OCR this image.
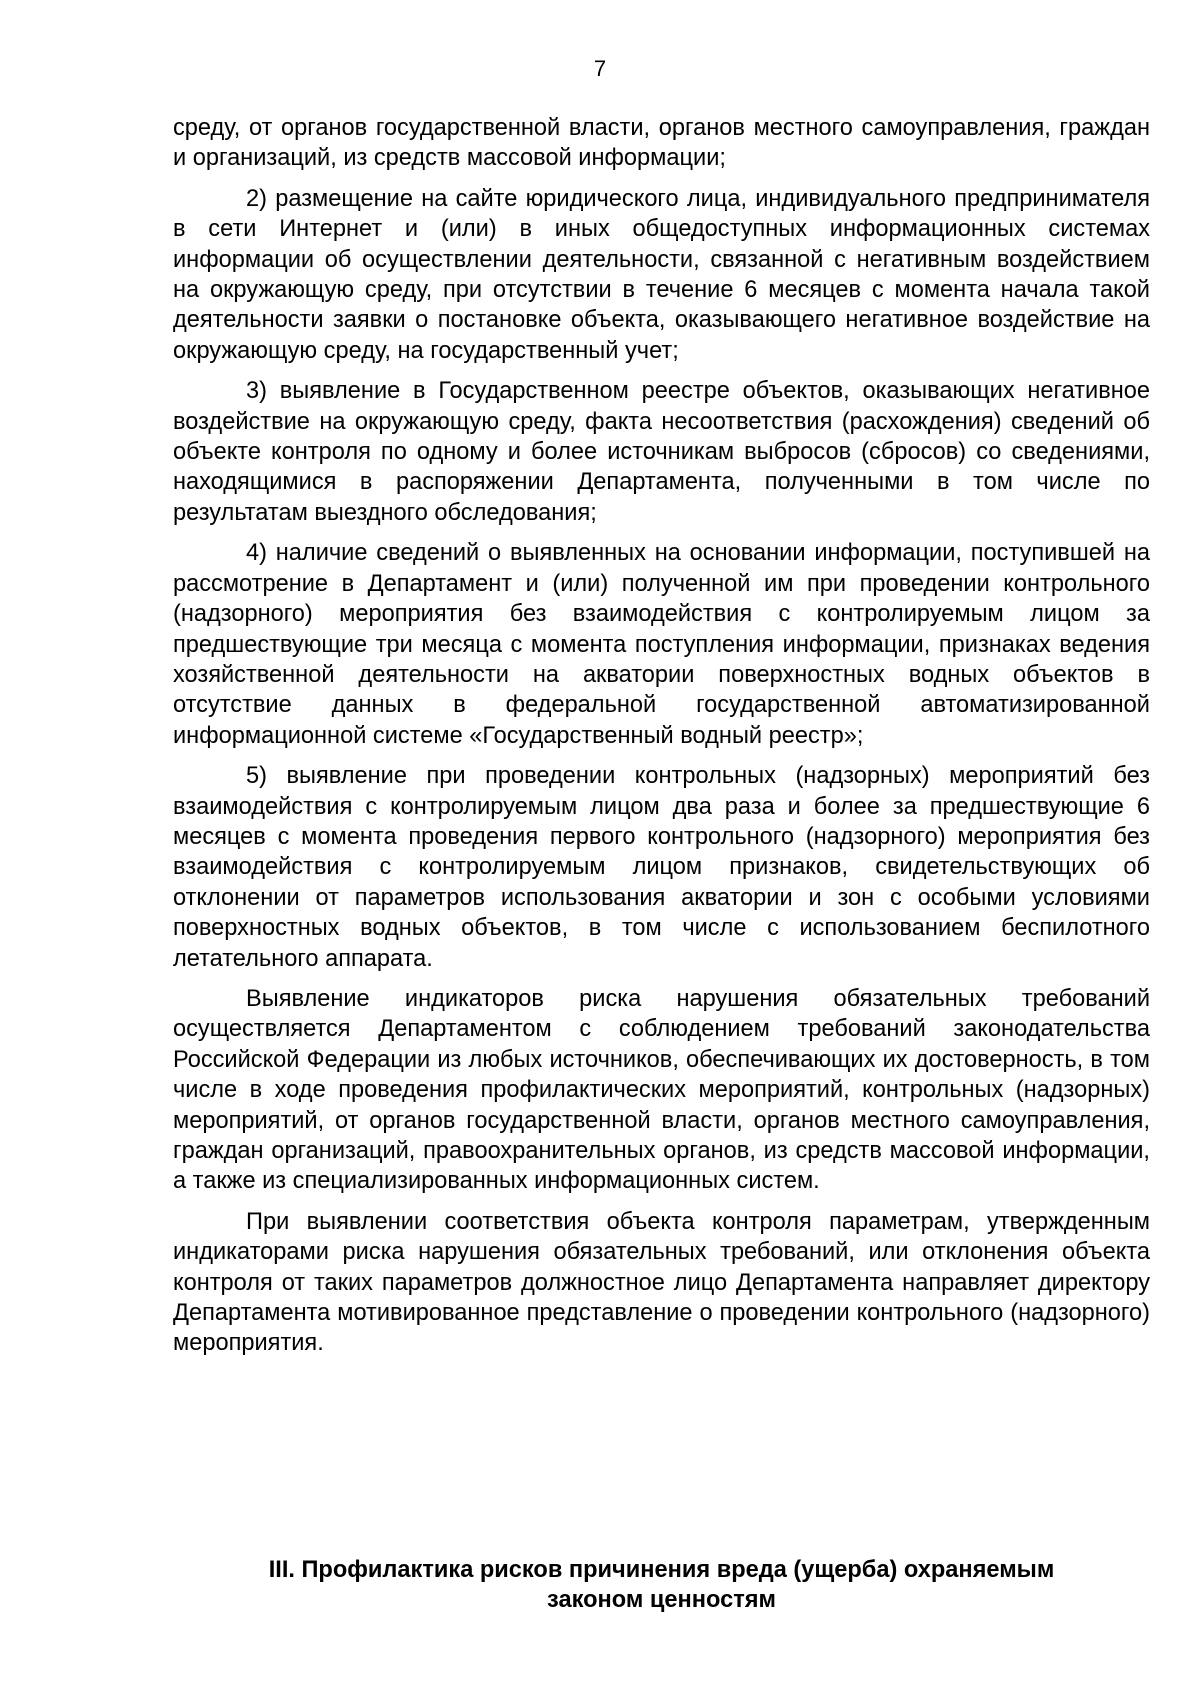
7

среду, от органов государственной власти, органов местного самоуправления, граждан и организаций, из средств массовой информации;

2) размещение на сайте юридического лица, индивидуального предпринимателя в сети Интернет и (или) в иных общедоступных информационных системах информации об осуществлении деятельности, связанной с негативным воздействием на окружающую среду, при отсутствии в течение 6 месяцев с момента начала такой деятельности заявки о постановке объекта, оказывающего негативное воздействие на окружающую среду, на государственный учет;

3) выявление в Государственном реестре объектов, оказывающих негативное воздействие на окружающую среду, факта несоответствия (расхождения) сведений об объекте контроля по одному и более источникам выбросов (сбросов) со сведениями, находящимися в распоряжении Департамента, полученными в том числе по результатам выездного обследования;

4) наличие сведений о выявленных на основании информации, поступившей на рассмотрение в Департамент и (или) полученной им при проведении контрольного (надзорного) мероприятия без взаимодействия с контролируемым лицом за предшествующие три месяца с момента поступления информации, признаках ведения хозяйственной деятельности на акватории поверхностных водных объектов в отсутствие данных в федеральной государственной автоматизированной информационной системе «Государственный водный реестр»;

5) выявление при проведении контрольных (надзорных) мероприятий без взаимодействия с контролируемым лицом два раза и более за предшествующие 6 месяцев с момента проведения первого контрольного (надзорного) мероприятия без взаимодействия с контролируемым лицом признаков, свидетельствующих об отклонении от параметров использования акватории и зон с особыми условиями поверхностных водных объектов, в том числе с использованием беспилотного летательного аппарата.

Выявление индикаторов риска нарушения обязательных требований осуществляется Департаментом с соблюдением требований законодательства Российской Федерации из любых источников, обеспечивающих их достоверность, в том числе в ходе проведения профилактических мероприятий, контрольных (надзорных) мероприятий, от органов государственной власти, органов местного самоуправления, граждан организаций, правоохранительных органов, из средств массовой информации, а также из специализированных информационных систем.

При выявлении соответствия объекта контроля параметрам, утвержденным индикаторами риска нарушения обязательных требований, или отклонения объекта контроля от таких параметров должностное лицо Департамента направляет директору Департамента мотивированное представление о проведении контрольного (надзорного) мероприятия.

III. Профилактика рисков причинения вреда (ущерба) охраняемым
законом ценностям
